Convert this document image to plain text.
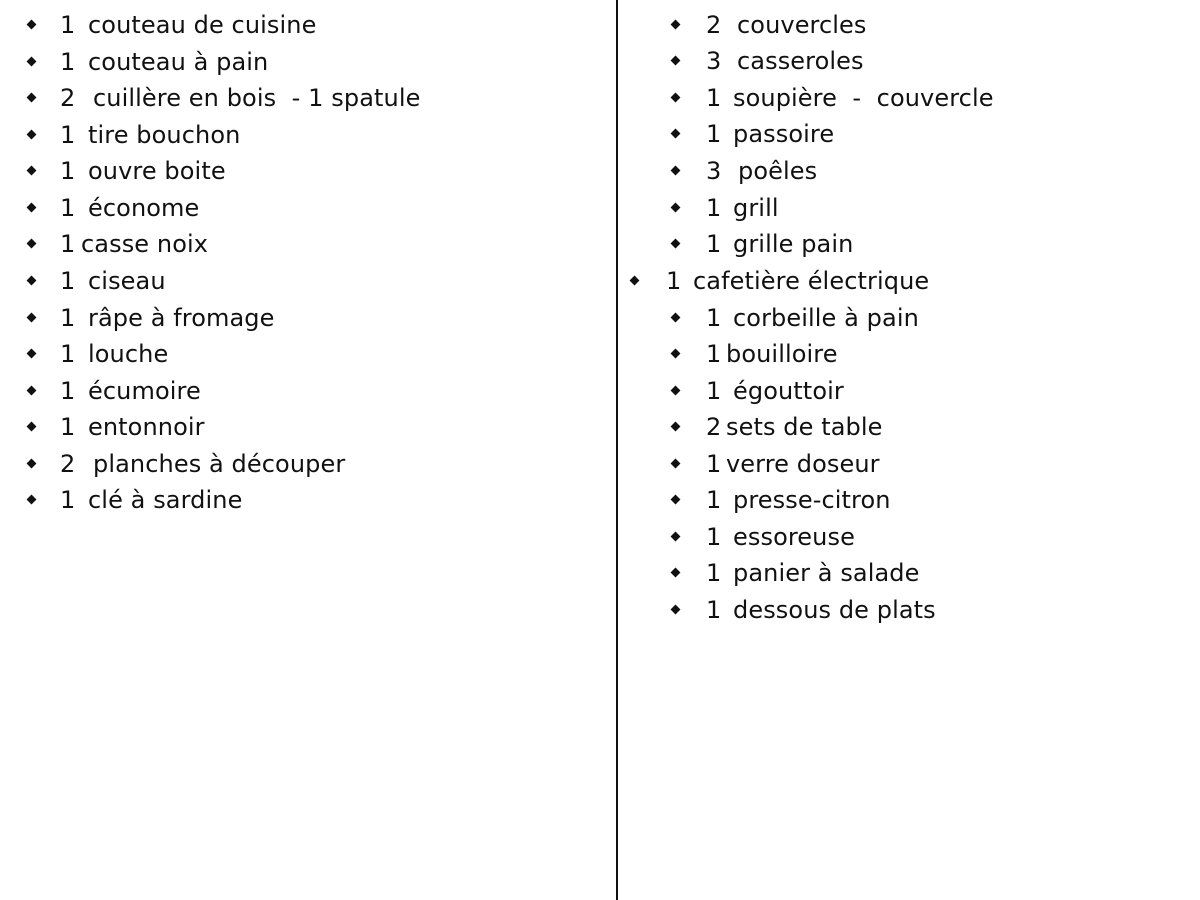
1

couteau de cuisine

1

couteau à pain

2

cuillère en bois  - 1 spatule

1

tire bouchon

1

ouvre boite

1

économe

1

casse noix

1

ciseau

1

râpe à fromage

1

louche

1

écumoire

1

entonnoir

2

planches à découper

1

clé à sardine

2

couvercles

3

casseroles

1

soupière  -  couvercle

1

passoire

3

poêles

1

grill

1

grille pain

1

cafetière électrique

1

corbeille à pain

1

bouilloire

1

égouttoir

2

sets de table

1

verre doseur

1

presse-citron

1

essoreuse

1

panier à salade

1

dessous de plats
